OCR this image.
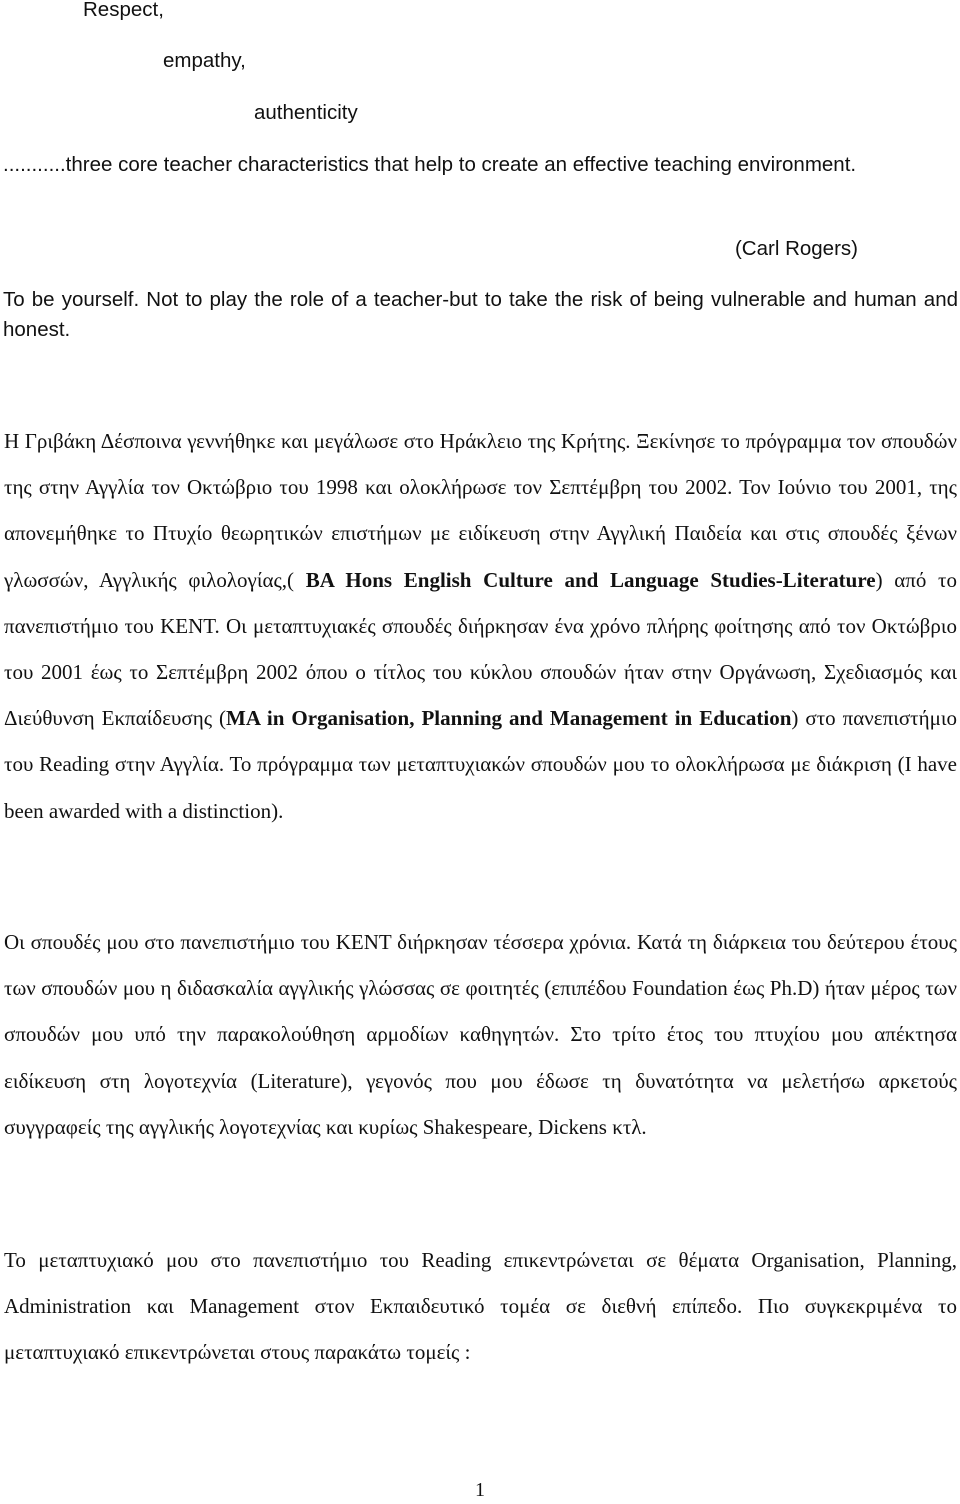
Respect,
empathy,
authenticity
...........three core teacher characteristics that help to create an effective teaching environment.
(Carl Rogers)
To be yourself. Not to play the role of a teacher-but to take the risk of being vulnerable and human and honest.

Η Γριβάκη Δέσποινα γεννήθηκε και μεγάλωσε στο Ηράκλειο της Κρήτης. Ξεκίνησε το πρόγραμμα τον σπουδών της στην Αγγλία τον Οκτώβριο του 1998 και ολοκλήρωσε τον Σεπτέμβρη του 2002. Τον Ιούνιο του 2001, της απονεμήθηκε το Πτυχίο θεωρητικών επιστήμων με ειδίκευση στην Αγγλική Παιδεία και στις σπουδές ξένων γλωσσών, Αγγλικής φιλολογίας,( BA Hons English Culture and Language Studies-Literature) από το πανεπιστήμιο του KENT. Οι μεταπτυχιακές σπουδές διήρκησαν ένα χρόνο πλήρης φοίτησης από τον Οκτώβριο του 2001 έως το Σεπτέμβρη 2002 όπου ο τίτλος του κύκλου σπουδών ήταν στην Οργάνωση, Σχεδιασμός και Διεύθυνση Εκπαίδευσης (MA in Organisation, Planning and Management in Education) στο πανεπιστήμιο του Reading στην Αγγλία. Το πρόγραμμα των μεταπτυχιακών σπουδών μου το ολοκλήρωσα με διάκριση (I have been awarded with a distinction).

Οι σπουδές μου στο πανεπιστήμιο του KENT διήρκησαν τέσσερα χρόνια. Κατά τη διάρκεια του δεύτερου έτους των σπουδών μου η διδασκαλία αγγλικής γλώσσας σε φοιτητές (επιπέδου Foundation έως Ph.D) ήταν μέρος των σπουδών μου υπό την παρακολούθηση αρμοδίων καθηγητών. Στο τρίτο έτος του πτυχίου μου απέκτησα ειδίκευση στη λογοτεχνία (Literature), γεγονός που μου έδωσε τη δυνατότητα να μελετήσω αρκετούς συγγραφείς της αγγλικής λογοτεχνίας και κυρίως Shakespeare, Dickens κτλ.

Το μεταπτυχιακό μου στο πανεπιστήμιο του Reading επικεντρώνεται σε θέματα Organisation, Planning, Administration και Management στον Εκπαιδευτικό τομέα σε διεθνή επίπεδο. Πιο συγκεκριμένα το μεταπτυχιακό επικεντρώνεται στους παρακάτω τομείς :

1
